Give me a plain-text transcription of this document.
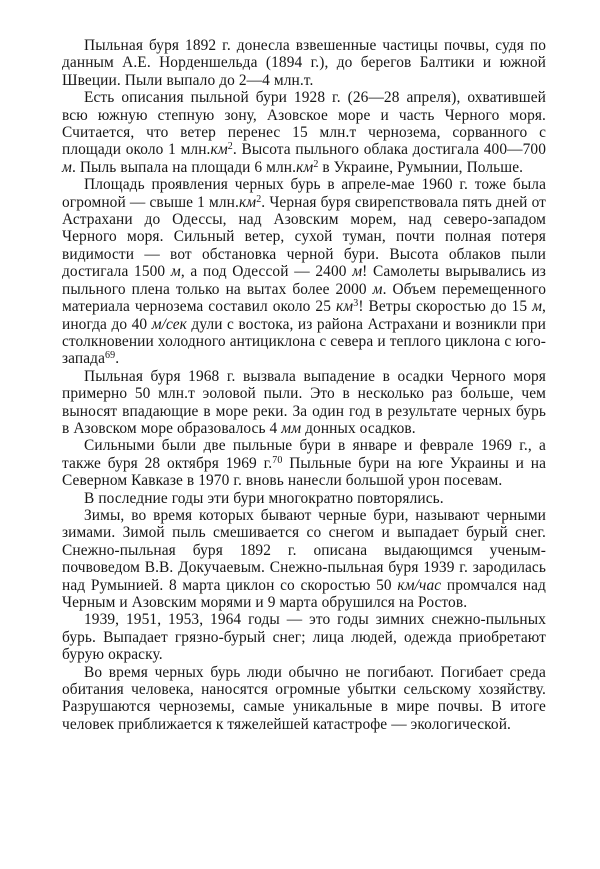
Пыльная буря 1892 г. донесла взвешенные частицы почвы, судя по данным А.Е. Норденшельда (1894 г.), до берегов Балтики и южной Швеции. Пыли выпало до 2—4 млн.т.

Есть описания пыльной бури 1928 г. (26—28 апреля), охватившей всю южную степную зону, Азовское море и часть Черного моря. Считается, что ветер перенес 15 млн.т чернозема, сорванного с площади около 1 $млн.км^2$. Высота пыльного облака достигала 400—700 м. Пыль выпала на площади 6 $млн.км^2$ в Украине, Румынии, Польше.

Площадь проявления черных бурь в апреле-мае 1960 г. тоже была огромной — свыше 1 $млн.км^2$. Черная буря свирепствовала пять дней от Астрахани до Одессы, над Азовским морем, над северо-западом Черного моря. Сильный ветер, сухой туман, почти полная потеря видимости — вот обстановка черной бури. Высота облаков пыли достигала 1500 м, а под Одессой — 2400 м! Самолеты вырывались из пыльного плена только на вытах более 2000 м. Объем перемещенного материала чернозема составил около 25 $км^3$! Ветры скоростью до 15 м, иногда до 40 м/сек дули с востока, из района Астрахани и возникли при столкновении холодного антициклона с севера и теплого циклона с юго-запада$^{69}$.

Пыльная буря 1968 г. вызвала выпадение в осадки Черного моря примерно 50 млн.т эоловой пыли. Это в несколько раз больше, чем выносят впадающие в море реки. За один год в результате черных бурь в Азовском море образовалось 4 мм донных осадков.

Сильными были две пыльные бури в январе и феврале 1969 г., а также буря 28 октября 1969 г.$^{70}$ Пыльные бури на юге Украины и на Северном Кавказе в 1970 г. вновь нанесли большой урон посевам.

В последние годы эти бури многократно повторялись.

Зимы, во время которых бывают черные бури, называют черными зимами. Зимой пыль смешивается со снегом и выпадает бурый снег. Снежно-пыльная буря 1892 г. описана выдающимся ученым-почвоведом В.В. Докучаевым. Снежно-пыльная буря 1939 г. зародилась над Румынией. 8 марта циклон со скоростью 50 км/час промчался над Черным и Азовским морями и 9 марта обрушился на Ростов.

1939, 1951, 1953, 1964 годы — это годы зимних снежно-пыльных бурь. Выпадает грязно-бурый снег; лица людей, одежда приобретают бурую окраску.

Во время черных бурь люди обычно не погибают. Погибает среда обитания человека, наносятся огромные убытки сельскому хозяйству. Разрушаются черноземы, самые уникальные в мире почвы. В итоге человек приближается к тяжелейшей катастрофе — экологической.
